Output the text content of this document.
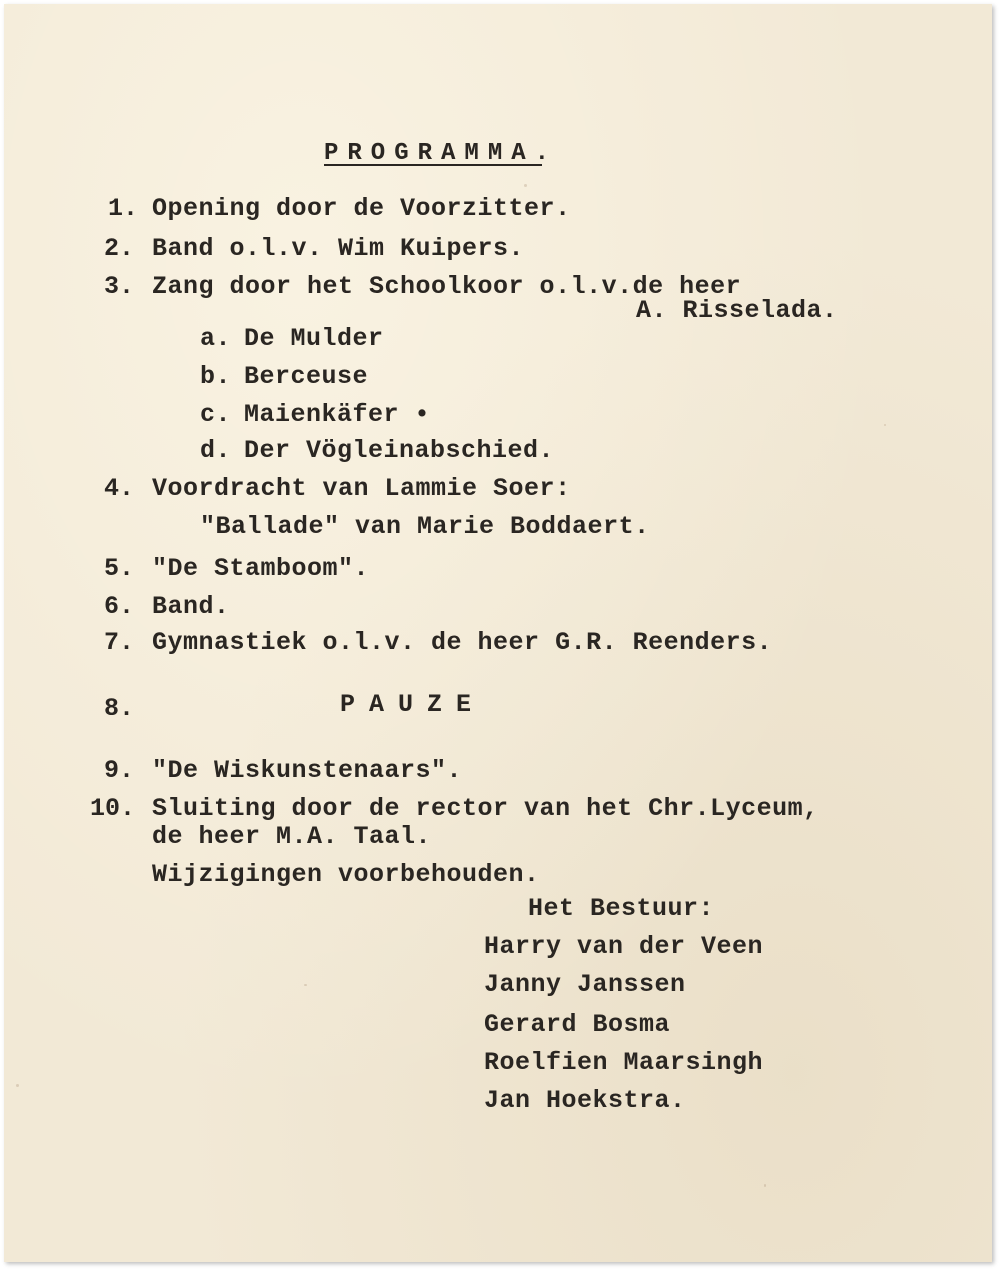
PROGRAMMA.
1. Opening door de Voorzitter.
2. Band o.l.v. Wim Kuipers.
3. Zang door het Schoolkoor o.l.v.de heer
A. Risselada.
a. De Mulder
b. Berceuse
c. Maienkäfer •
d. Der Vögleinabschied.
4. Voordracht van Lammie Soer:
"Ballade" van Marie Boddaert.
5. "De Stamboom".
6. Band.
7. Gymnastiek o.l.v. de heer G.R. Reenders.
8.	PAUZE
9. "De Wiskunstenaars".
10. Sluiting door de rector van het Chr.Lyceum,
de heer M.A. Taal.
Wijzigingen voorbehouden.
Het Bestuur:
Harry van der Veen
Janny Janssen
Gerard Bosma
Roelfien Maarsingh
Jan Hoekstra.
